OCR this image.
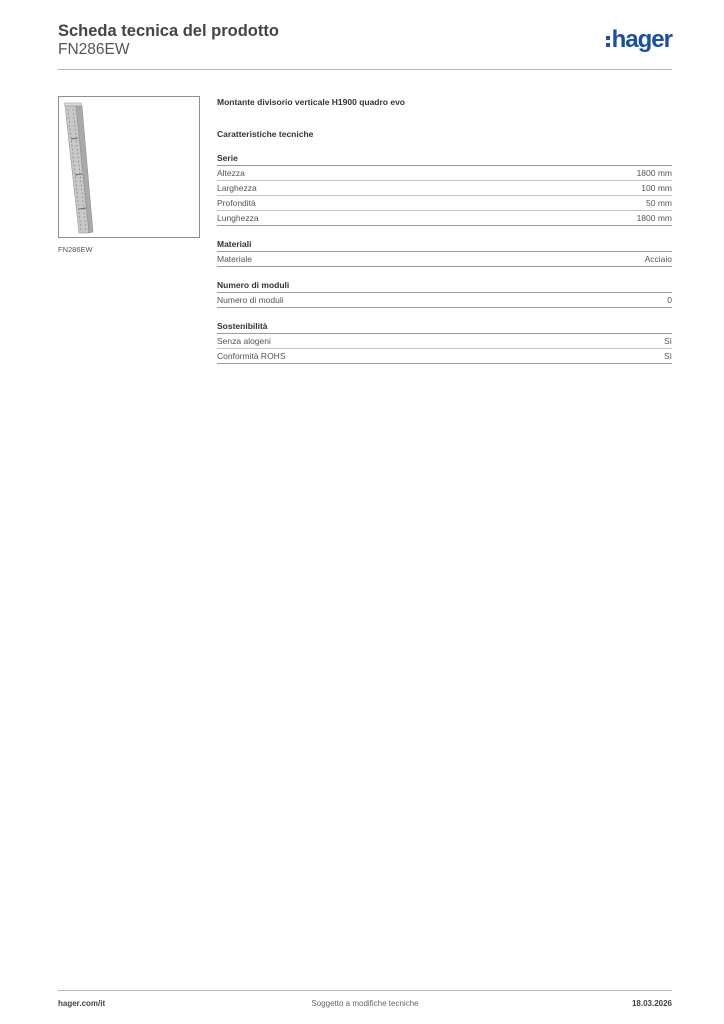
Scheda tecnica del prodotto
FN286EW	hager
FN286EW
Montante divisorio verticale H1900 quadro evo
Caratteristiche tecniche
Serie
Altezza	1800 mm
Larghezza	100 mm
Profondità	50 mm
Lunghezza	1800 mm
Materiali
Materiale	Acciaio
Numero di moduli
Numero di moduli	0
Sostenibilità
Senza alogeni	Sì
Conformità ROHS	Sì
hager.com/it	Soggetto a modifiche tecniche	18.03.2026
